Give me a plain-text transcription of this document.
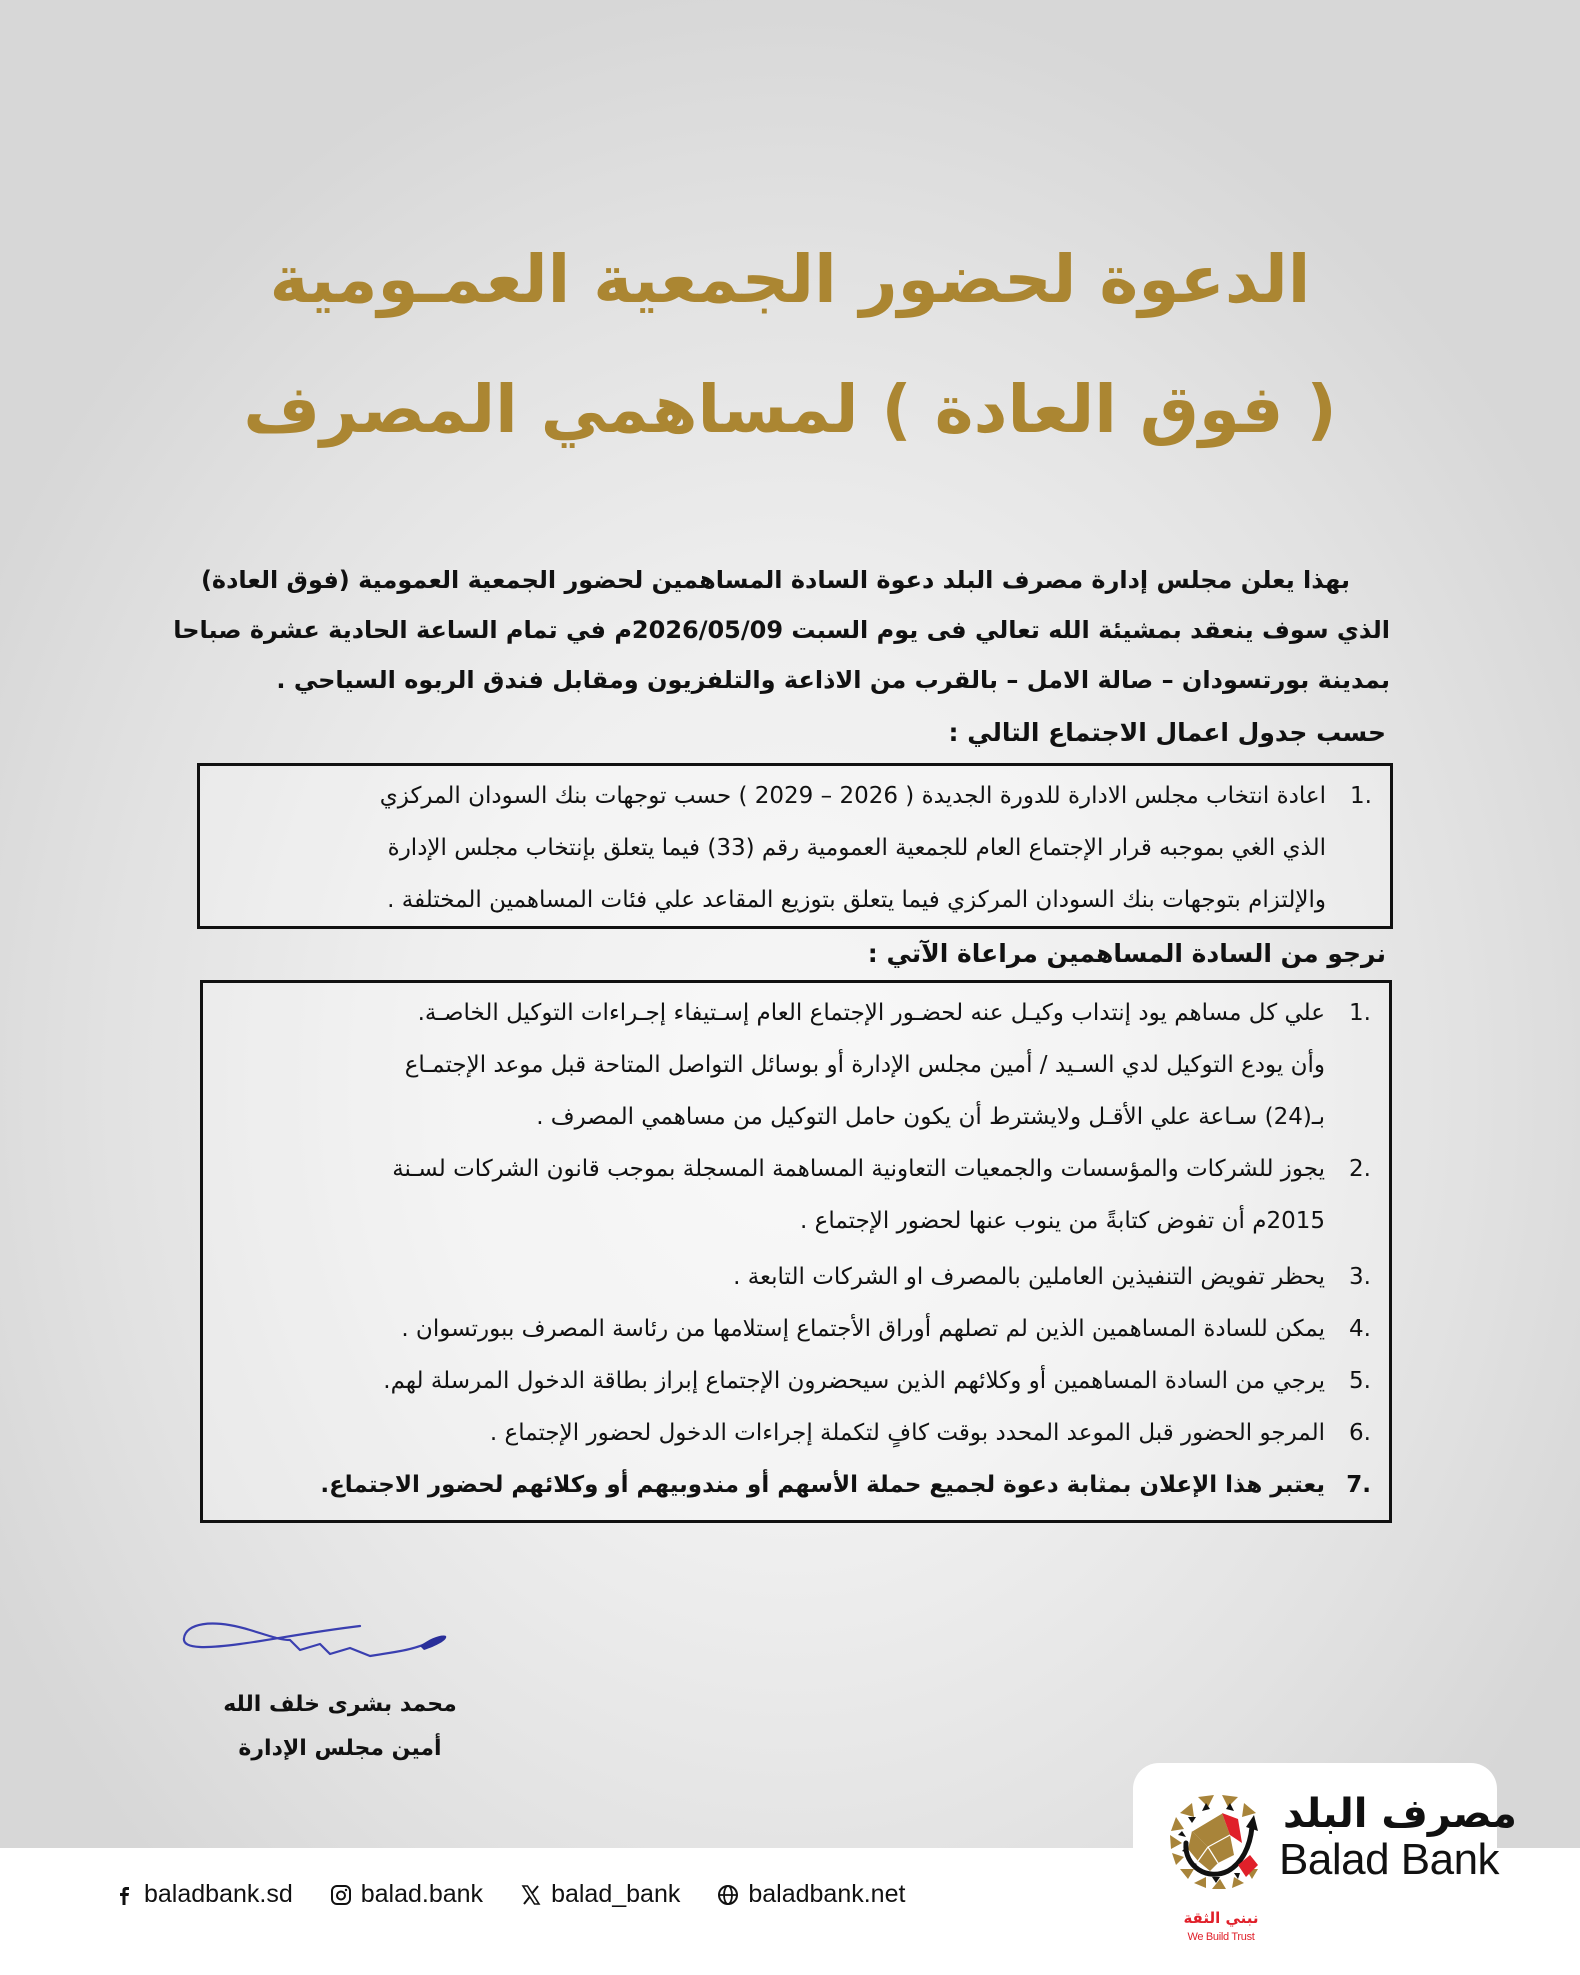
الدعوة لحضور الجمعية العمـومية
( فوق العادة ) لمساهمي المصرف
بهذا يعلن مجلس إدارة مصرف البلد دعوة السادة المساهمين لحضور الجمعية العمومية (فوق العادة)
الذي سوف ينعقد بمشيئة الله تعالي فى يوم السبت 2026/05/09م في تمام الساعة الحادية عشرة صباحا
بمدينة بورتسودان – صالة الامل – بالقرب من الاذاعة والتلفزيون ومقابل فندق الربوه السياحي .
حسب جدول اعمال الاجتماع التالي :
1.
اعادة انتخاب مجلس الادارة للدورة الجديدة ( 2026 – 2029 ) حسب توجهات بنك السودان المركزي
الذي الغي بموجبه قرار الإجتماع العام للجمعية العمومية رقم (33) فيما يتعلق بإنتخاب مجلس الإدارة
والإلتزام بتوجهات بنك السودان المركزي فيما يتعلق بتوزيع المقاعد علي فئات المساهمين المختلفة .
نرجو من السادة المساهمين مراعاة الآتي :
1.
علي كل مساهم يود إنتداب وكيـل عنه لحضـور الإجتماع العام إسـتيفاء إجـراءات التوكيل الخاصـة.
وأن يودع التوكيل لدي السـيد / أمين مجلس الإدارة أو بوسائل التواصل المتاحة قبل موعد الإجتمـاع
بـ(24) سـاعة علي الأقـل ولايشترط أن يكون حامل التوكيل من مساهمي المصرف .
2.
يجوز للشركات والمؤسسات والجمعيات التعاونية المساهمة المسجلة بموجب قانون الشركات لسـنة
2015م أن تفوض كتابةً من ينوب عنها لحضور الإجتماع .
3.
يحظر تفويض التنفيذين العاملين بالمصرف او الشركات التابعة .
4.
يمكن للسادة المساهمين الذين لم تصلهم أوراق الأجتماع إستلامها من رئاسة المصرف ببورتسوان .
5.
يرجي من السادة المساهمين أو وكلائهم الذين سيحضرون الإجتماع إبراز بطاقة الدخول المرسلة لهم.
6.
المرجو الحضور قبل الموعد المحدد بوقت كافٍ لتكملة إجراءات الدخول لحضور الإجتماع .
7.
يعتبر هذا الإعلان بمثابة دعوة لجميع حملة الأسهم أو مندوبيهم أو وكلائهم لحضور الاجتماع.
محمد بشرى خلف الله
أمين مجلس الإدارة
baladbank.sd	balad.bank	balad_bank	baladbank.net
مصرف البلد
Balad Bank
نبني الثقة
We Build Trust
